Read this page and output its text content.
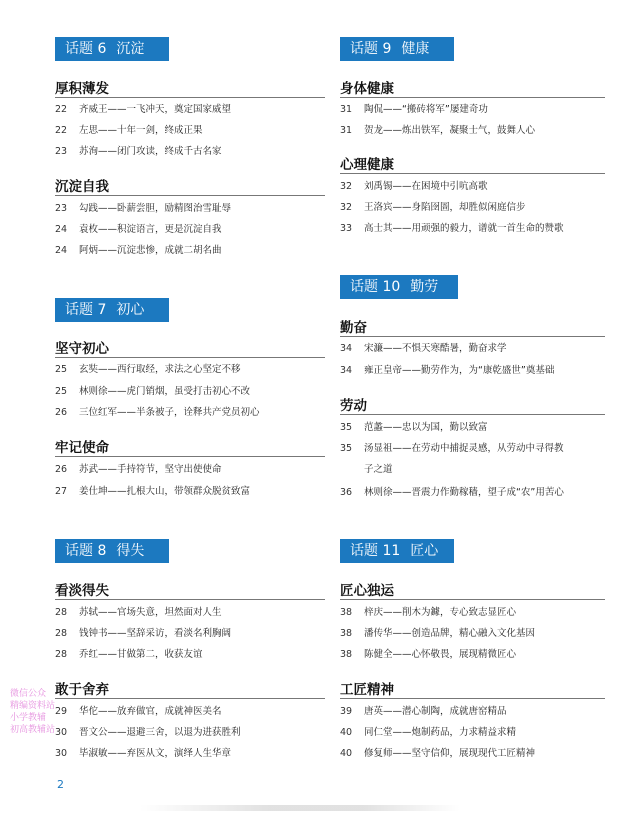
话题 6 沉淀
厚积薄发
22 齐威王——一飞冲天，奠定国家威望
22 左思——十年一剑，终成正果
23 苏洵——闭门攻读，终成千古名家
沉淀自我
23 勾践——卧薪尝胆，励精图治雪耻辱
24 袁枚——积淀语言，更是沉淀自我
24 阿炳——沉淀悲惨，成就二胡名曲
话题 7 初心
坚守初心
25 玄奘——西行取经，求法之心坚定不移
25 林则徐——虎门销烟，虽受打击初心不改
26 三位红军——半条被子，诠释共产党员初心
牢记使命
26 苏武——手持符节，坚守出使使命
27 姜仕坤——扎根大山，带领群众脱贫致富
话题 8 得失
看淡得失
28 苏轼——官场失意，坦然面对人生
28 钱钟书——坚辞采访，看淡名利胸阔
28 乔红——甘做第二，收获友谊
敢于舍弃
29 华佗——放弃做官，成就神医美名
30 晋文公——退避三舍，以退为进获胜利
30 毕淑敏——弃医从文，演绎人生华章
话题 9 健康
身体健康
31 陶侃——“搬砖将军”屡建奇功
31 贺龙——炼出铁军，凝聚士气，鼓舞人心
心理健康
32 刘禹锡——在困境中引吭高歌
32 王洛宾——身陷囹圄，却胜似闲庭信步
33 高士其——用顽强的毅力，谱就一首生命的赞歌
话题 10 勤劳
勤奋
34 宋濂——不惧天寒酷暑，勤奋求学
34 雍正皇帝——勤劳作为，为“康乾盛世”奠基础
劳动
35 范蠡——忠以为国，勤以致富
35 汤显祖——在劳动中捕捉灵感，从劳动中寻得教
子之道
36 林则徐——晋震力作勤稼穑，望子成“农”用苦心
话题 11 匠心
匠心独运
38 梓庆——削木为鐻，专心致志显匠心
38 潘传华——创造品牌，精心融入文化基因
38 陈健全——心怀敬畏，展现精微匠心
工匠精神
39 唐英——潜心制陶，成就唐窑精品
40 同仁堂——炮制药品，力求精益求精
40 修复师——坚守信仰，展现现代工匠精神
微信公众
精编资料站
小学教辅
初高教辅站
2
